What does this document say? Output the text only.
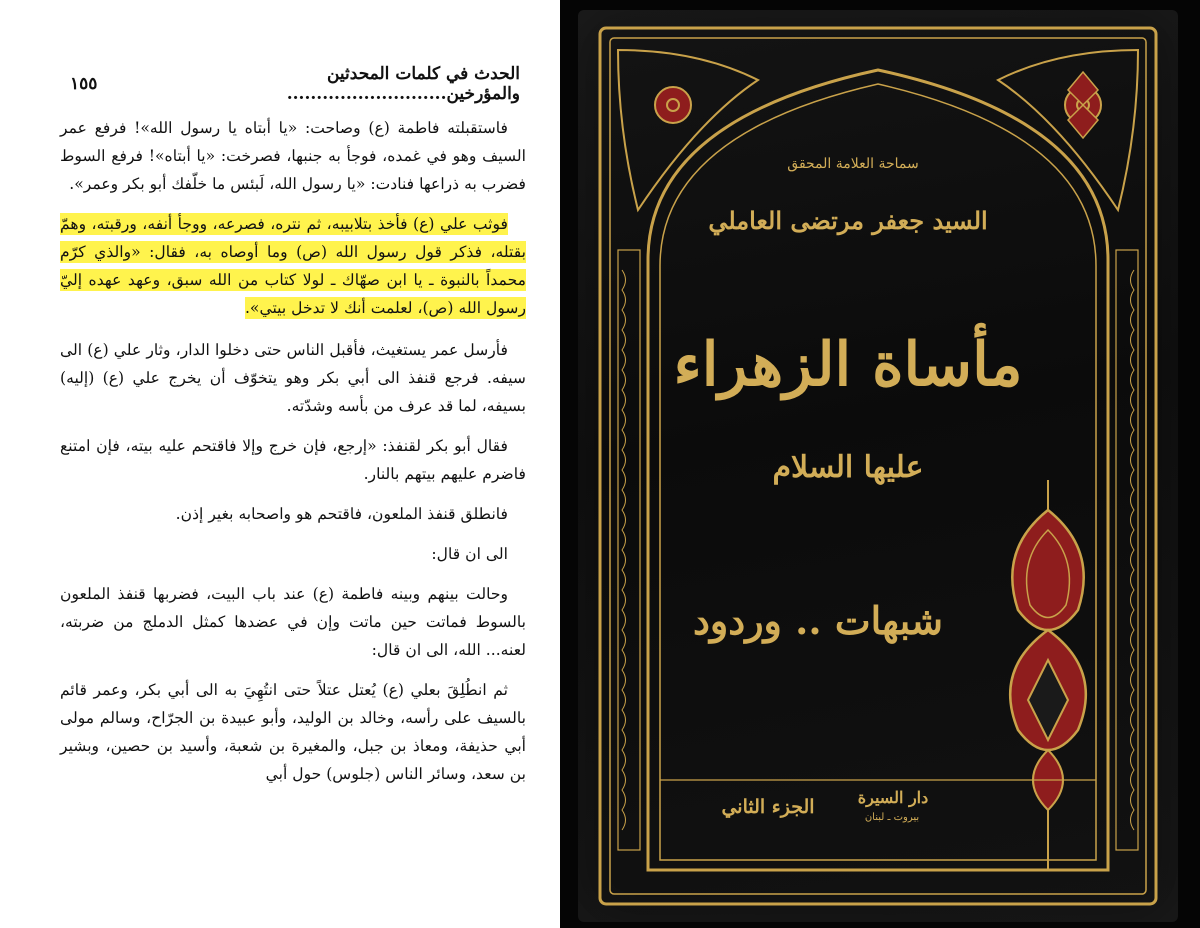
الحدث في كلمات المحدثين والمؤرخين...........................
١٥٥

فاستقبلته فاطمة (ع) وصاحت: «يا أبتاه يا رسول الله»! فرفع عمر السيف وهو في غمده، فوجأ به جنبها، فصرخت: «يا أبتاه»! فرفع السوط فضرب به ذراعها فنادت: «يا رسول الله، لَبئس ما خلّفك أبو بكر وعمر».

فوثب علي (ع) فأخذ بتلابيبه، ثم نتره، فصرعه، ووجأ أنفه، ورقبته، وهمّ بقتله، فذكر قول رسول الله (ص) وما أوصاه به، فقال: «والذي كرّم محمداً بالنبوة ـ يا ابن صهّاك ـ لولا كتاب من الله سبق، وعهد عهده إليّ رسول الله (ص)، لعلمت أنك لا تدخل بيتي».

فأرسل عمر يستغيث، فأقبل الناس حتى دخلوا الدار، وثار علي (ع) الى سيفه. فرجع قنفذ الى أبي بكر وهو يتخوّف أن يخرج علي (ع) (إليه) بسيفه، لما قد عرف من بأسه وشدّته.

فقال أبو بكر لقنفذ: «إرجع، فإن خرج وإلا فاقتحم عليه بيته، فإن امتنع فاضرم عليهم بيتهم بالنار.

فانطلق قنفذ الملعون، فاقتحم هو واصحابه بغير إذن.

الى ان قال:

وحالت بينهم وبينه فاطمة (ع) عند باب البيت، فضربها قنفذ الملعون بالسوط فماتت حين ماتت وإن في عضدها كمثل الدملج من ضربته، لعنه... الله، الى ان قال:

ثم انطُلِقَ بعلي (ع) يُعتل عتلاً حتى انتُهِيَ به الى أبي بكر، وعمر قائم بالسيف على رأسه، وخالد بن الوليد، وأبو عبيدة بن الجرّاح، وسالم مولى أبي حذيفة، ومعاذ بن جبل، والمغيرة بن شعبة، وأسيد بن حصين، وبشير بن سعد، وسائر الناس (جلوس) حول أبي

سماحة العلامة المحقق
السيد جعفر مرتضى العاملي
مأساة الزهراء
عليها السلام
شبهات .. وردود
الجزء الثاني	دار السيرة
بيروت ـ لبنان
